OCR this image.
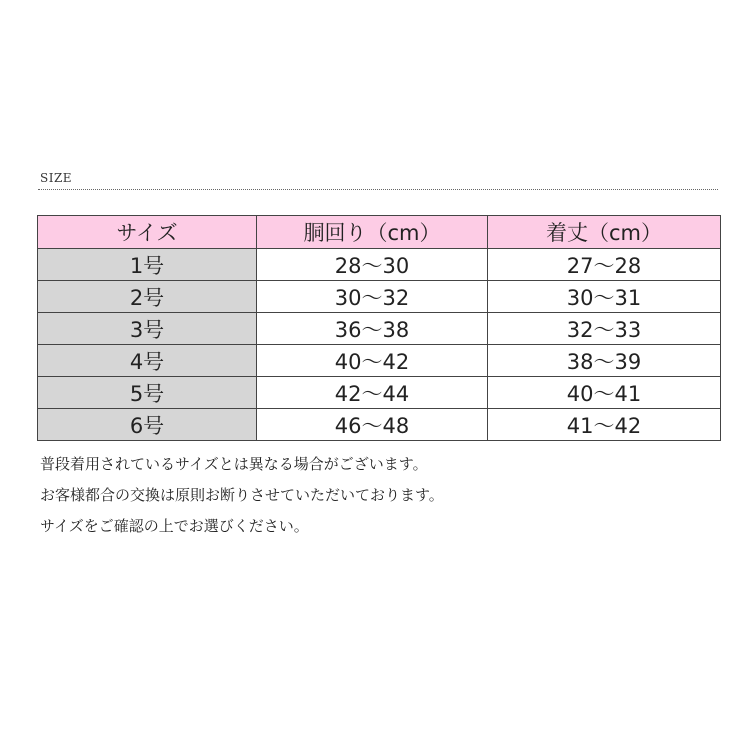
SIZE
サイズ	胴回り（cm）	着丈（cm）
1号	28〜30	27〜28
2号	30〜32	30〜31
3号	36〜38	32〜33
4号	40〜42	38〜39
5号	42〜44	40〜41
6号	46〜48	41〜42

普段着用されているサイズとは異なる場合がございます。

お客様都合の交換は原則お断りさせていただいております。

サイズをご確認の上でお選びください。
